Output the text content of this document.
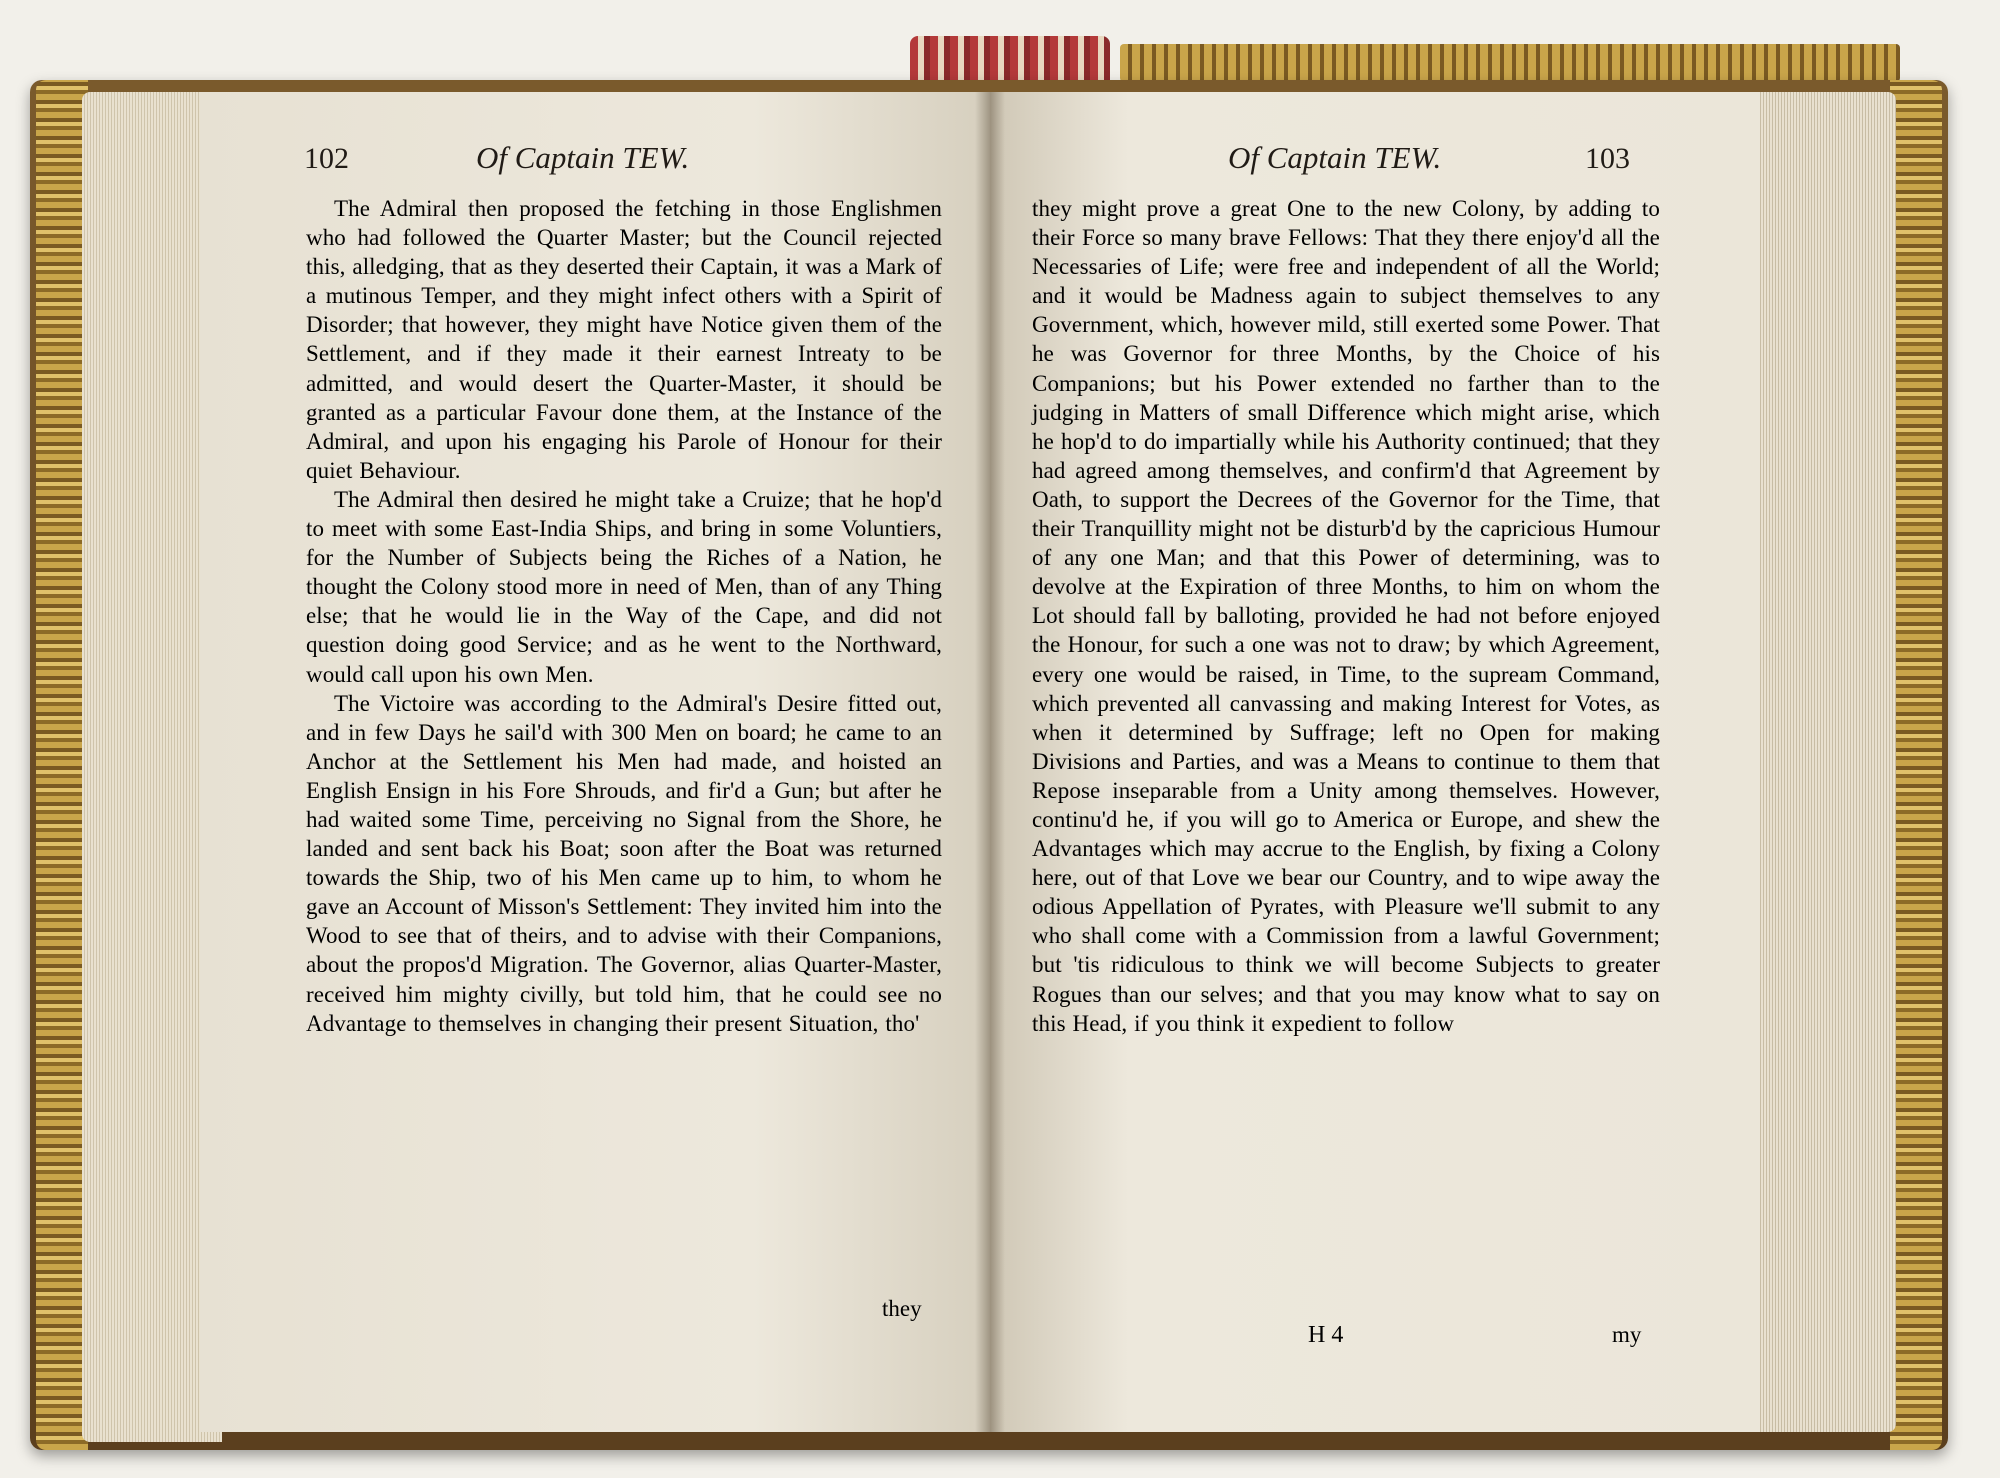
102	Of Captain TEW.

The Admiral then proposed the fetching in those Englishmen who had followed the Quarter Master; but the Council rejected this, alledging, that as they deserted their Captain, it was a Mark of a mutinous Temper, and they might infect others with a Spirit of Disorder; that however, they might have Notice given them of the Settlement, and if they made it their earnest Intreaty to be admitted, and would desert the Quarter-Master, it should be granted as a particular Favour done them, at the Instance of the Admiral, and upon his engaging his Parole of Honour for their quiet Behaviour.

The Admiral then desired he might take a Cruize; that he hop'd to meet with some East-India Ships, and bring in some Voluntiers, for the Number of Subjects being the Riches of a Nation, he thought the Colony stood more in need of Men, than of any Thing else; that he would lie in the Way of the Cape, and did not question doing good Service; and as he went to the Northward, would call upon his own Men.

The Victoire was according to the Admiral's Desire fitted out, and in few Days he sail'd with 300 Men on board; he came to an Anchor at the Settlement his Men had made, and hoisted an English Ensign in his Fore Shrouds, and fir'd a Gun; but after he had waited some Time, perceiving no Signal from the Shore, he landed and sent back his Boat; soon after the Boat was returned towards the Ship, two of his Men came up to him, to whom he gave an Account of Misson's Settlement: They invited him into the Wood to see that of theirs, and to advise with their Companions, about the propos'd Migration. The Governor, alias Quarter-Master, received him mighty civilly, but told him, that he could see no Advantage to themselves in changing their present Situation, tho'

they
Of Captain TEW.	103

they might prove a great One to the new Colony, by adding to their Force so many brave Fellows: That they there enjoy'd all the Necessaries of Life; were free and independent of all the World; and it would be Madness again to subject themselves to any Government, which, however mild, still exerted some Power. That he was Governor for three Months, by the Choice of his Companions; but his Power extended no farther than to the judging in Matters of small Difference which might arise, which he hop'd to do impartially while his Authority continued; that they had agreed among themselves, and confirm'd that Agreement by Oath, to support the Decrees of the Governor for the Time, that their Tranquillity might not be disturb'd by the capricious Humour of any one Man; and that this Power of determining, was to devolve at the Expiration of three Months, to him on whom the Lot should fall by balloting, provided he had not before enjoyed the Honour, for such a one was not to draw; by which Agreement, every one would be raised, in Time, to the supream Command, which prevented all canvassing and making Interest for Votes, as when it determined by Suffrage; left no Open for making Divisions and Parties, and was a Means to continue to them that Repose inseparable from a Unity among themselves. However, continu'd he, if you will go to America or Europe, and shew the Advantages which may accrue to the English, by fixing a Colony here, out of that Love we bear our Country, and to wipe away the odious Appellation of Pyrates, with Pleasure we'll submit to any who shall come with a Commission from a lawful Government; but 'tis ridiculous to think we will become Subjects to greater Rogues than our selves; and that you may know what to say on this Head, if you think it expedient to follow

H 4	my
